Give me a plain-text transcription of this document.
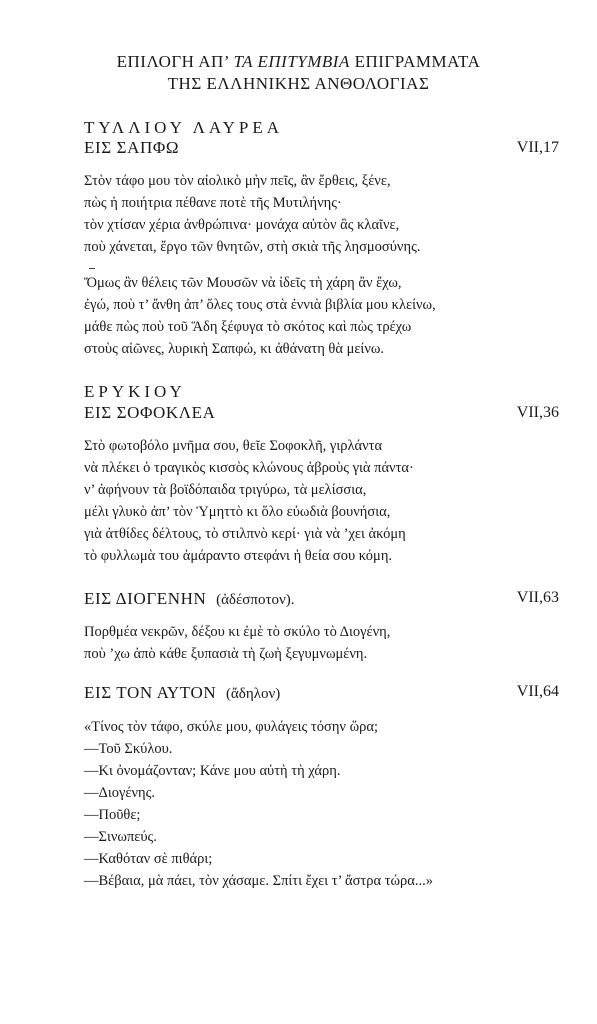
ΕΠΙΛΟΓΗ ΑΠ’ ΤΑ ΕΠΙΤΥΜΒΙΑ ΕΠΙΓΡΑΜΜΑΤΑ
ΤΗΣ ΕΛΛΗΝΙΚΗΣ ΑΝΘΟΛΟΓΙΑΣ
ΤΥΛΛΙΟΥ ΛΑΥΡΕΑ
ΕΙΣ ΣΑΠΦΩ	VII,17
Στὸν τάφο μου τὸν αἰολικὸ μὴν πεῖς, ἂν ἔρθεις, ξένε,
πὼς ἡ ποιήτρια πέθανε ποτὲ τῆς Μυτιλήνης·
τὸν χτίσαν χέρια ἀνθρώπινα· μονάχα αὐτὸν ἂς κλαῖνε,
ποὺ χάνεται, ἔργο τῶν θνητῶν, στὴ σκιὰ τῆς λησμοσύνης.
Ὅμως ἂν θέλεις τῶν Μουσῶν νὰ ἰδεῖς τὴ χάρη ἂν ἔχω,
ἐγώ, ποὺ τ’ ἄνθη ἀπ’ ὅλες τους στὰ ἐννιὰ βιβλία μου κλείνω,
μάθε πὼς ποὺ τοῦ Ἅδη ξέφυγα τὸ σκότος καὶ πὼς τρέχω
στοὺς αἰῶνες, λυρικὴ Σαπφώ, κι ἀθάνατη θὰ μείνω.
ΕΡΥΚΙΟΥ
ΕΙΣ ΣΟΦΟΚΛΕΑ	VII,36
Στὸ φωτοβόλο μνῆμα σου, θεῖε Σοφοκλῆ, γιρλάντα
νὰ πλέκει ὁ τραγικὸς κισσὸς κλώνους ἁβροὺς γιὰ πάντα·
ν’ ἀφήνουν τὰ βοϊδόπαιδα τριγύρω, τὰ μελίσσια,
μέλι γλυκὸ ἀπ’ τὸν Ὑμηττὸ κι ὅλο εὐωδιὰ βουνήσια,
γιὰ ἀτθίδες δέλτους, τὸ στιλπνὸ κερί· γιὰ νὰ ’χει ἀκόμη
τὸ φυλλωμὰ του ἀμάραντο στεφάνι ἡ θεία σου κόμη.
ΕΙΣ ΔΙΟΓΕΝΗΝ (ἀδέσποτον).	VII,63
Πορθμέα νεκρῶν, δέξου κι ἐμὲ τὸ σκύλο τὸ Διογένη,
ποὺ ’χω ἀπὸ κάθε ξυπασιὰ τὴ ζωὴ ξεγυμνωμένη.
ΕΙΣ ΤΟΝ ΑΥΤΟΝ (ἄδηλον)	VII,64
«Τίνος τὸν τάφο, σκύλε μου, φυλάγεις τόσην ὥρα;
—Τοῦ Σκύλου.
—Κι ὀνομάζονταν; Κάνε μου αὐτὴ τὴ χάρη.
—Διογένης.
—Ποῦθε;
—Σινωπεύς.
—Καθόταν σὲ πιθάρι;
—Βέβαια, μὰ πάει, τὸν χάσαμε. Σπίτι ἔχει τ’ ἄστρα τώρα...»
